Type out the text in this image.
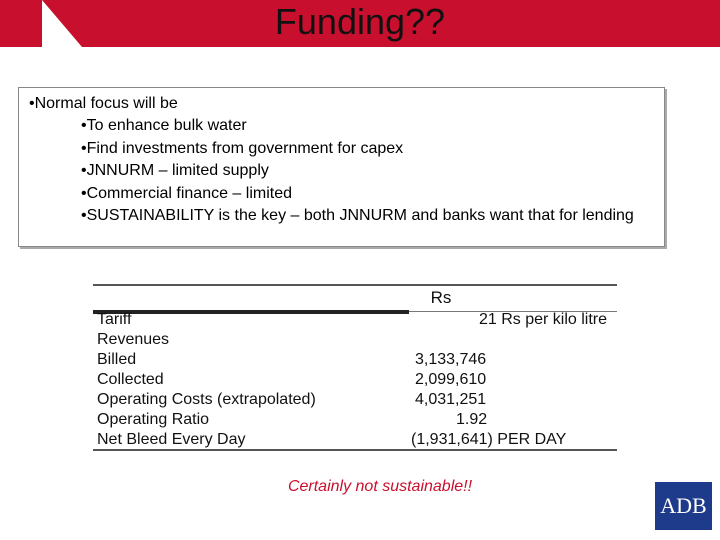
Funding??
•Normal focus will be
•To enhance bulk water
•Find investments from government for capex
•JNNURM – limited supply
•Commercial finance – limited
•SUSTAINABILITY is the key – both JNNURM and banks want that for lending
Rs
Tariff	21 Rs per kilo litre
Revenues
Billed	3,133,746
Collected	2,099,610
Operating Costs (extrapolated)	4,031,251
Operating Ratio	1.92
Net Bleed Every Day	(1,931,641) PER DAY
Certainly not sustainable!!
ADB
